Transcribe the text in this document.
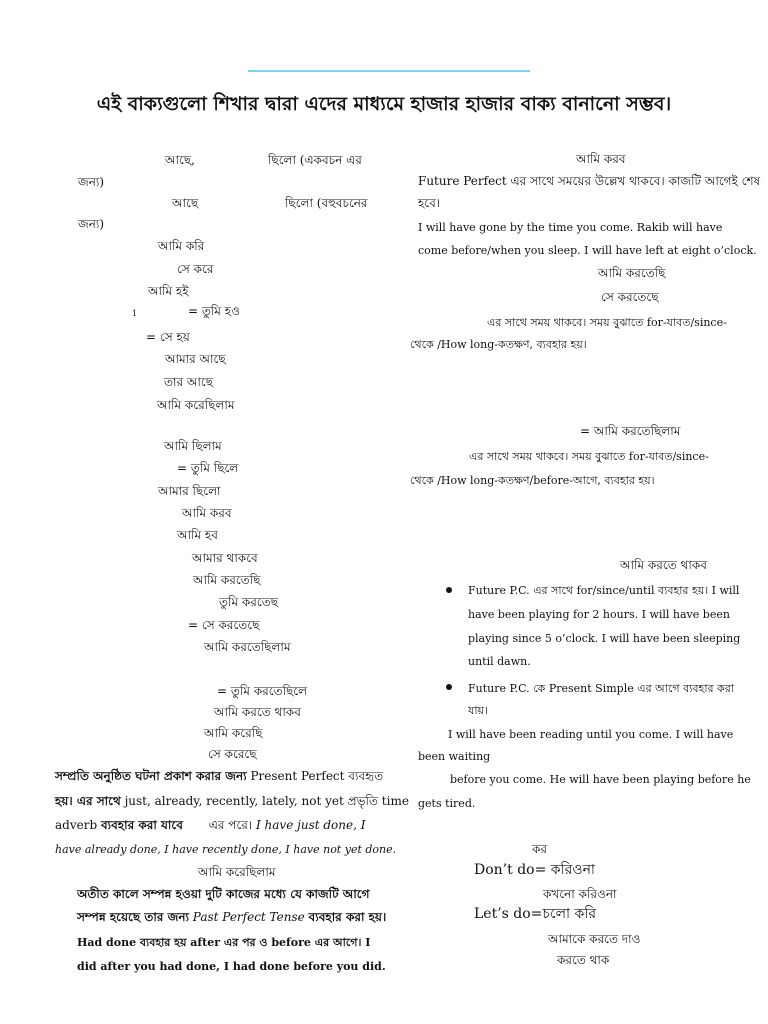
এই বাক্যগুলো শিখার দ্বারা এদের মাধ্যমে হাজার হাজার বাক্য বানানো সম্ভব।
আছে,	ছিলো (একবচন এর
জন্য)
আছে	ছিলো (বহুবচনের
জন্য)
আমি করি
সে করে
আমি হই
1	= তুমি হও
= সে হয়
আমার আছে
তার আছে
আমি করেছিলাম
আমি ছিলাম
= তুমি ছিলে
আমার ছিলো
আমি করব
আমি হব
আমার থাকবে
আমি করতেছি
তুমি করতেছ
= সে করতেছে
আমি করতেছিলাম
= তুমি করতেছিলে
আমি করতে থাকব
আমি করেছি
সে করেছে
সম্প্রতি অনুষ্ঠিত ঘটনা প্রকাশ করার জন্য Present Perfect ব্যবহৃত
হয়। এর সাথে just, already, recently, lately, not yet প্রভৃতি time
adverb ব্যবহার করা যাবে এর পরে। I have just done, I
have already done, I have recently done, I have not yet done.
আমি করেছিলাম
অতীত কালে সম্পন্ন হওয়া দুটি কাজের মধ্যে যে কাজটি আগে
সম্পন্ন হয়েছে তার জন্য Past Perfect Tense ব্যবহার করা হয়।
Had done ব্যবহার হয় after এর পর ও before এর আগে। I
did after you had done, I had done before you did.
আমি করব
Future Perfect এর সাথে সময়ের উল্লেখ থাকবে। কাজটি আগেই শেষ
হবে।
I will have gone by the time you come. Rakib will have
come before/when you sleep. I will have left at eight o’clock.
আমি করতেছি
সে করতেছে
এর সাথে সময় থাকবে। সময় বুঝাতে for-যাবত/since-
থেকে /How long-কতক্ষণ, ব্যবহার হয়।
= আমি করতেছিলাম
এর সাথে সময় থাকবে। সময় বুঝাতে for-যাবত/since-
থেকে /How long-কতক্ষণ/before-আগে, ব্যবহার হয়।
আমি করতে থাকব
Future P.C. এর সাথে for/since/until ব্যবহার হয়। I will
have been playing for 2 hours. I will have been
playing since 5 o’clock. I will have been sleeping
until dawn.
Future P.C. কে Present Simple এর আগে ব্যবহার করা
যায়।
I will have been reading until you come. I will have
been waiting
before you come. He will have been playing before he
gets tired.
কর
Don’t do= করিওনা
কখনো করিওনা
Let’s do=চলো করি
আমাকে করতে দাও
করতে থাক
